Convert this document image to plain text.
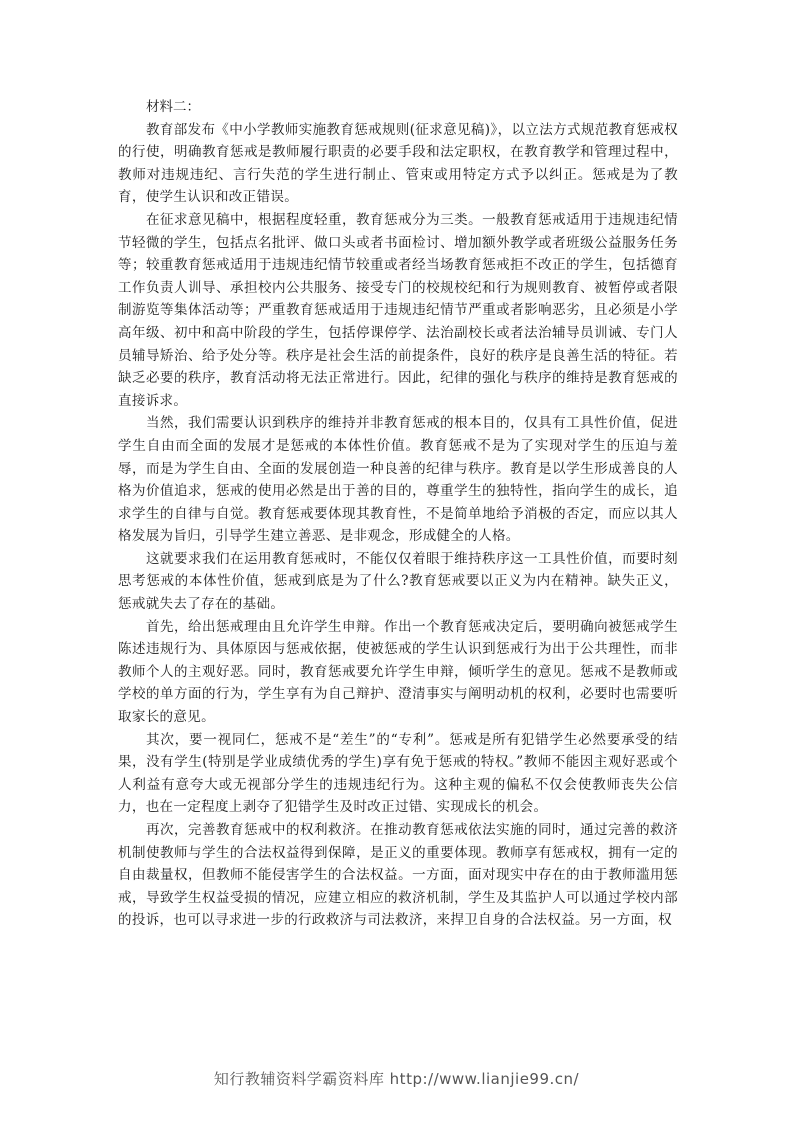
材料二：

教育部发布《中小学教师实施教育惩戒规则(征求意见稿)》，以立法方式规范教育惩戒权的行使，明确教育惩戒是教师履行职责的必要手段和法定职权，在教育教学和管理过程中，教师对违规违纪、言行失范的学生进行制止、管束或用特定方式予以纠正。惩戒是为了教育，使学生认识和改正错误。

在征求意见稿中，根据程度轻重，教育惩戒分为三类。一般教育惩戒适用于违规违纪情节轻微的学生，包括点名批评、做口头或者书面检讨、增加额外教学或者班级公益服务任务等；较重教育惩戒适用于违规违纪情节较重或者经当场教育惩戒拒不改正的学生，包括德育工作负责人训导、承担校内公共服务、接受专门的校规校纪和行为规则教育、被暂停或者限制游览等集体活动等；严重教育惩戒适用于违规违纪情节严重或者影响恶劣，且必须是小学高年级、初中和高中阶段的学生，包括停课停学、法治副校长或者法治辅导员训诫、专门人员辅导矫治、给予处分等。秩序是社会生活的前提条件，良好的秩序是良善生活的特征。若缺乏必要的秩序，教育活动将无法正常进行。因此，纪律的强化与秩序的维持是教育惩戒的直接诉求。

当然，我们需要认识到秩序的维持并非教育惩戒的根本目的，仅具有工具性价值，促进学生自由而全面的发展才是惩戒的本体性价值。教育惩戒不是为了实现对学生的压迫与羞辱，而是为学生自由、全面的发展创造一种良善的纪律与秩序。教育是以学生形成善良的人格为价值追求，惩戒的使用必然是出于善的目的，尊重学生的独特性，指向学生的成长，追求学生的自律与自觉。教育惩戒要体现其教育性，不是简单地给予消极的否定，而应以其人格发展为旨归，引导学生建立善恶、是非观念，形成健全的人格。

这就要求我们在运用教育惩戒时，不能仅仅着眼于维持秩序这一工具性价值，而要时刻思考惩戒的本体性价值，惩戒到底是为了什么?教育惩戒要以正义为内在精神。缺失正义，惩戒就失去了存在的基础。

首先，给出惩戒理由且允许学生申辩。作出一个教育惩戒决定后，要明确向被惩戒学生陈述违规行为、具体原因与惩戒依据，使被惩戒的学生认识到惩戒行为出于公共理性，而非教师个人的主观好恶。同时，教育惩戒要允许学生申辩，倾听学生的意见。惩戒不是教师或学校的单方面的行为，学生享有为自己辩护、澄清事实与阐明动机的权利，必要时也需要听取家长的意见。

其次，要一视同仁，惩戒不是“差生”的“专利”。惩戒是所有犯错学生必然要承受的结果，没有学生(特别是学业成绩优秀的学生)享有免于惩戒的特权。”教师不能因主观好恶或个人利益有意夸大或无视部分学生的违规违纪行为。这种主观的偏私不仅会使教师丧失公信力，也在一定程度上剥夺了犯错学生及时改正过错、实现成长的机会。

再次，完善教育惩戒中的权利救济。在推动教育惩戒依法实施的同时，通过完善的救济机制使教师与学生的合法权益得到保障，是正义的重要体现。教师享有惩戒权，拥有一定的自由裁量权，但教师不能侵害学生的合法权益。一方面，面对现实中存在的由于教师滥用惩戒，导致学生权益受损的情况，应建立相应的救济机制，学生及其监护人可以通过学校内部的投诉，也可以寻求进一步的行政救济与司法救济，来捍卫自身的合法权益。另一方面，权

知行教辅资料学霸资料库 http://www.lianjie99.cn/
